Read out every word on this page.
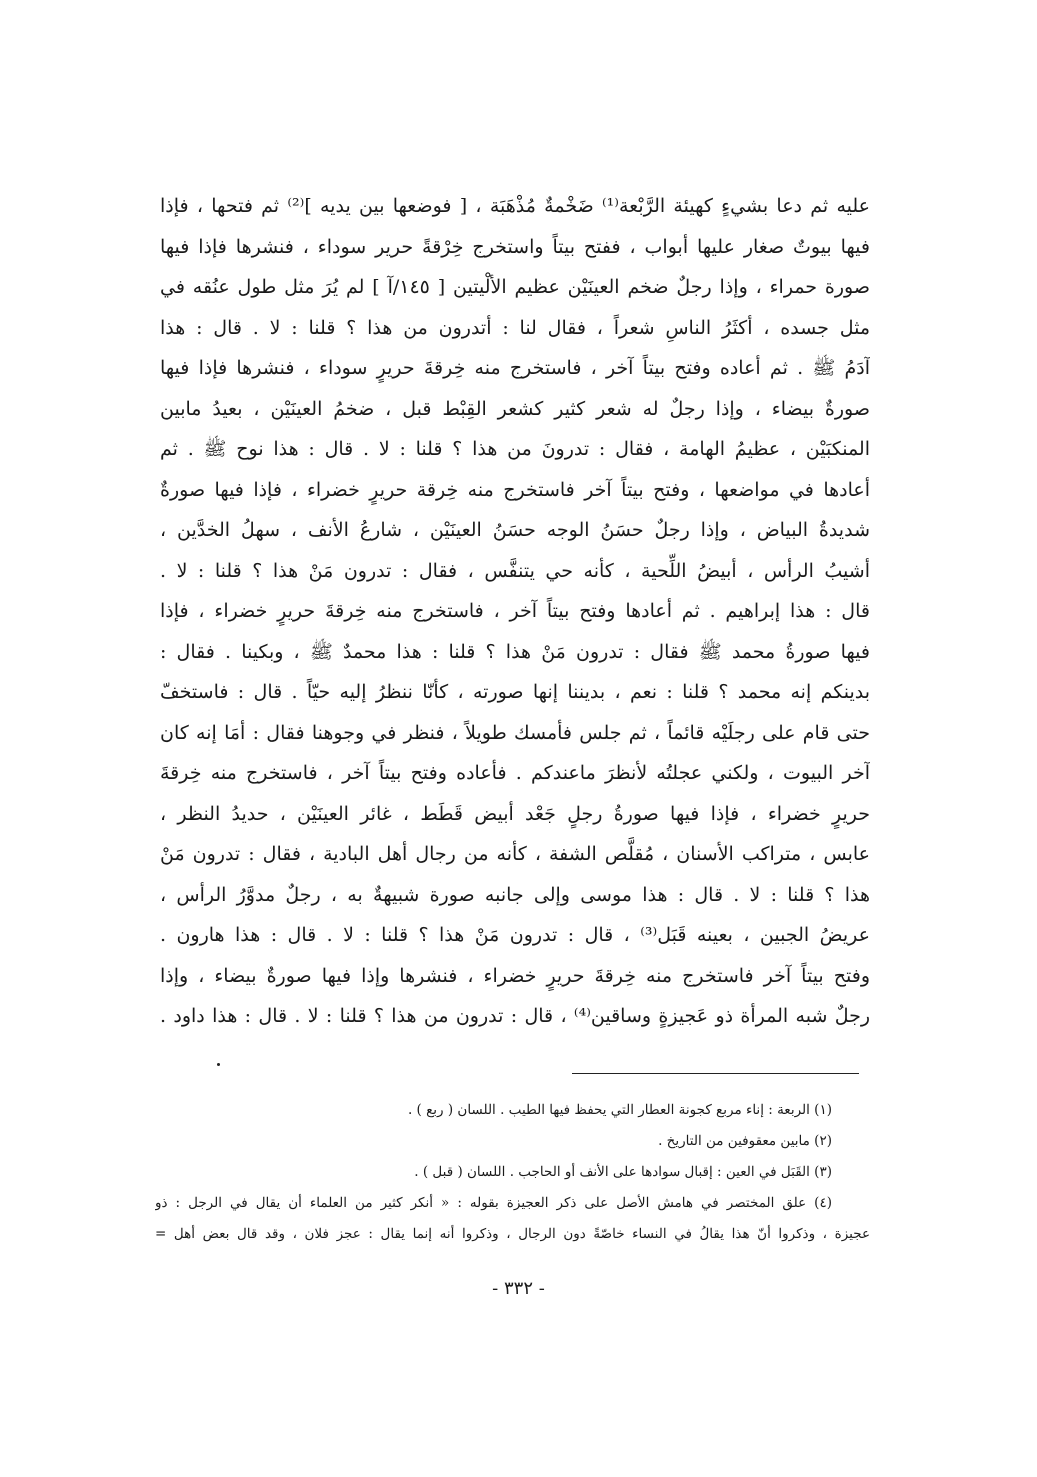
عليه ثم دعا بشيءٍ كهيئة الرَّبْعة⁽¹⁾ ضَخْمةٌ مُذْهَبَة ، [ فوضعها بين يديه ]⁽²⁾ ثم فتحها ، فإذا
فيها بيوتٌ صغار عليها أبواب ، ففتح بيتاً واستخرج خِرْقةً حرير سوداء ، فنشرها فإذا فيها
صورة حمراء ، وإذا رجلٌ ضخم العينَيْن عظيم الألْيتين [ ١٤٥/آ ] لم يُرَ مثل طول عنُقه في
مثل جسده ، أكثَرُ الناسِ شعراً ، فقال لنا : أتدرون من هذا ؟ قلنا : لا . قال : هذا
آدَمُ ﷺ . ثم أعاده وفتح بيتاً آخر ، فاستخرج منه خِرقةَ حريرٍ سوداء ، فنشرها فإذا فيها
صورةٌ بيضاء ، وإذا رجلٌ له شعر كثير كشعر القِبْط قبل ، ضخمُ العينَيْن ، بعيدُ مابين
المنكبَيْن ، عظيمُ الهامة ، فقال : تدرونَ من هذا ؟ قلنا : لا . قال : هذا نوح ﷺ . ثم
أعادها في مواضعها ، وفتح بيتاً آخر فاستخرج منه خِرقة حريرٍ خضراء ، فإذا فيها صورةٌ
شديدةُ البياض ، وإذا رجلٌ حسَنُ الوجه حسَنُ العينَيْن ، شارعُ الأنف ، سهلُ الخدَّين ،
أشيبُ الرأس ، أبيضُ اللِّحية ، كأنه حي يتنفَّس ، فقال : تدرون مَنْ هذا ؟ قلنا : لا .
قال : هذا إبراهيم . ثم أعادها وفتح بيتاً آخر ، فاستخرج منه خِرقةَ حريرٍ خضراء ، فإذا
فيها صورةُ محمد ﷺ فقال : تدرون مَنْ هذا ؟ قلنا : هذا محمدٌ ﷺ ، وبكينا . فقال :
بدينكم إنه محمد ؟ قلنا : نعم ، بديننا إنها صورته ، كأنّا ننظرُ إليه حيّاً . قال : فاستخفّ
حتى قام على رجلَيْه قائماً ، ثم جلس فأمسك طويلاً ، فنظر في وجوهنا فقال : أمَا إنه كان
آخر البيوت ، ولكني عجلتُه لأنظرَ ماعندكم . فأعاده وفتح بيتاً آخر ، فاستخرج منه خِرقةَ
حريرٍ خضراء ، فإذا فيها صورةُ رجلٍ جَعْد أبيض قَطَط ، غائر العينَيْن ، حديدُ النظر ،
عابس ، متراكب الأسنان ، مُقلَّص الشفة ، كأنه من رجال أهل البادية ، فقال : تدرون مَنْ
هذا ؟ قلنا : لا . قال : هذا موسى وإلى جانبه صورة شبيهةٌ به ، رجلٌ مدوَّرُ الرأس ،
عريضُ الجبين ، بعينه قَبَل⁽³⁾ ، قال : تدرون مَنْ هذا ؟ قلنا : لا . قال : هذا هارون .
وفتح بيتاً آخر فاستخرج منه خِرقةَ حريرٍ خضراء ، فنشرها وإذا فيها صورةٌ بيضاء ، وإذا
رجلٌ شبه المرأة ذو عَجيزةٍ وساقين⁽⁴⁾ ، قال : تدرون من هذا ؟ قلنا : لا . قال : هذا داود .
(١) الربعة : إناء مربع كجونة العطار التي يحفظ فيها الطيب . اللسان ( ربع ) .
(٢) مابين معقوفين من التاريخ .
(٣) القَبَل في العين : إقبال سوادها على الأنف أو الحاجب . اللسان ( قبل ) .
(٤) علق المختصر في هامش الأصل على ذكر العجيزة بقوله : « أنكر كثير من العلماء أن يقال في الرجل : ذو
عجيزة ، وذكروا أنّ هذا يقالُ في النساء خاصّةً دون الرجال ، وذكروا أنه إنما يقال : عجز فلان ، وقد قال بعض أهل =
- ٣٣٢ -
